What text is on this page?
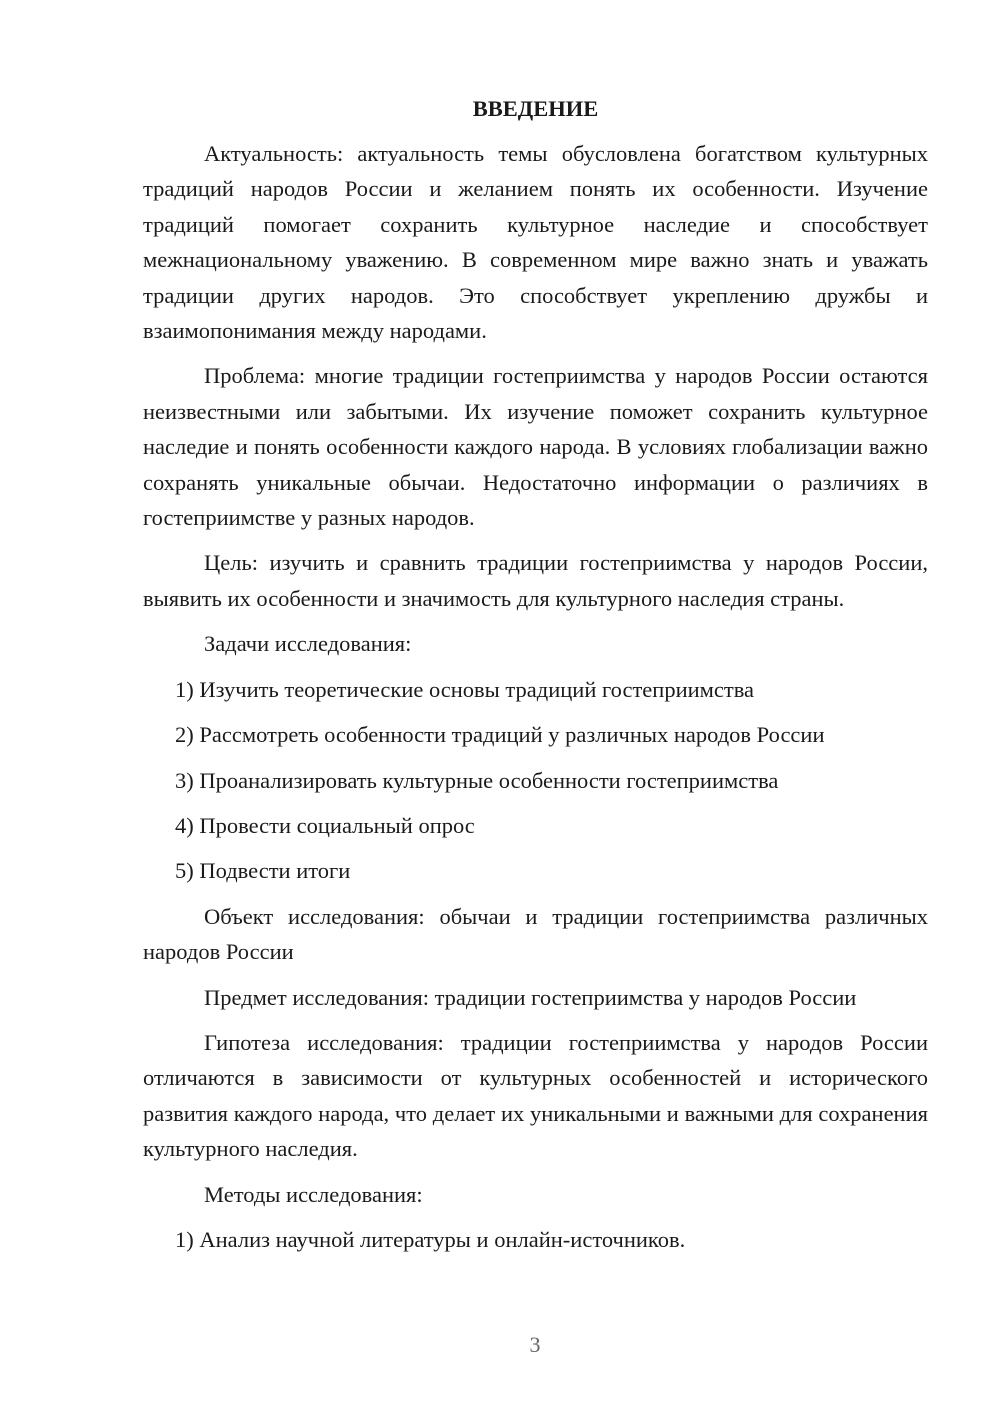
ВВЕДЕНИЕ

Актуальность: актуальность темы обусловлена богатством культурных традиций народов России и желанием понять их особенности. Изучение традиций помогает сохранить культурное наследие и способствует межнациональному уважению. В современном мире важно знать и уважать традиции других народов. Это способствует укреплению дружбы и взаимопонимания между народами.

Проблема: многие традиции гостеприимства у народов России остаются неизвестными или забытыми. Их изучение поможет сохранить культурное наследие и понять особенности каждого народа. В условиях глобализации важно сохранять уникальные обычаи. Недостаточно информации о различиях в гостеприимстве у разных народов.

Цель: изучить и сравнить традиции гостеприимства у народов России, выявить их особенности и значимость для культурного наследия страны.

Задачи исследования:
1) Изучить теоретические основы традиций гостеприимства
2) Рассмотреть особенности традиций у различных народов России
3) Проанализировать культурные особенности гостеприимства
4) Провести социальный опрос
5) Подвести итоги

Объект исследования: обычаи и традиции гостеприимства различных народов России

Предмет исследования: традиции гостеприимства у народов России

Гипотеза исследования: традиции гостеприимства у народов России отличаются в зависимости от культурных особенностей и исторического развития каждого народа, что делает их уникальными и важными для сохранения культурного наследия.

Методы исследования:
1) Анализ научной литературы и онлайн-источников.
3
